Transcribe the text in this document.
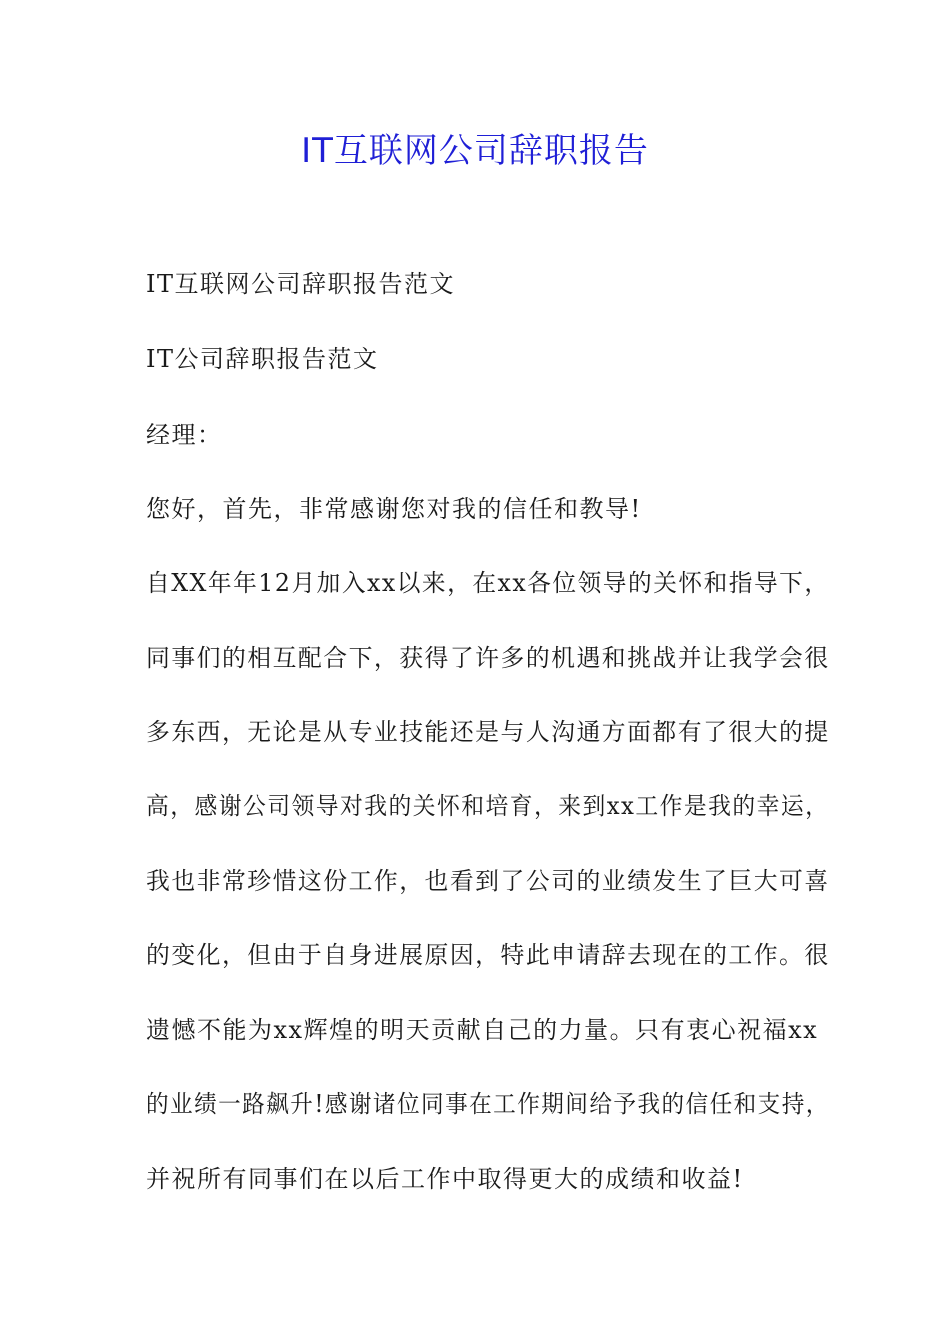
IT互联网公司辞职报告
IT互联网公司辞职报告范文
IT公司辞职报告范文
经理：
您好，首先，非常感谢您对我的信任和教导!
自XX年年12月加入xx以来，在xx各位领导的关怀和指导下，
同事们的相互配合下，获得了许多的机遇和挑战并让我学会很
多东西，无论是从专业技能还是与人沟通方面都有了很大的提
高，感谢公司领导对我的关怀和培育，来到xx工作是我的幸运，
我也非常珍惜这份工作，也看到了公司的业绩发生了巨大可喜
的变化，但由于自身进展原因，特此申请辞去现在的工作。很
遗憾不能为xx辉煌的明天贡献自己的力量。只有衷心祝福xx
的业绩一路飙升!感谢诸位同事在工作期间给予我的信任和支持，
并祝所有同事们在以后工作中取得更大的成绩和收益!
